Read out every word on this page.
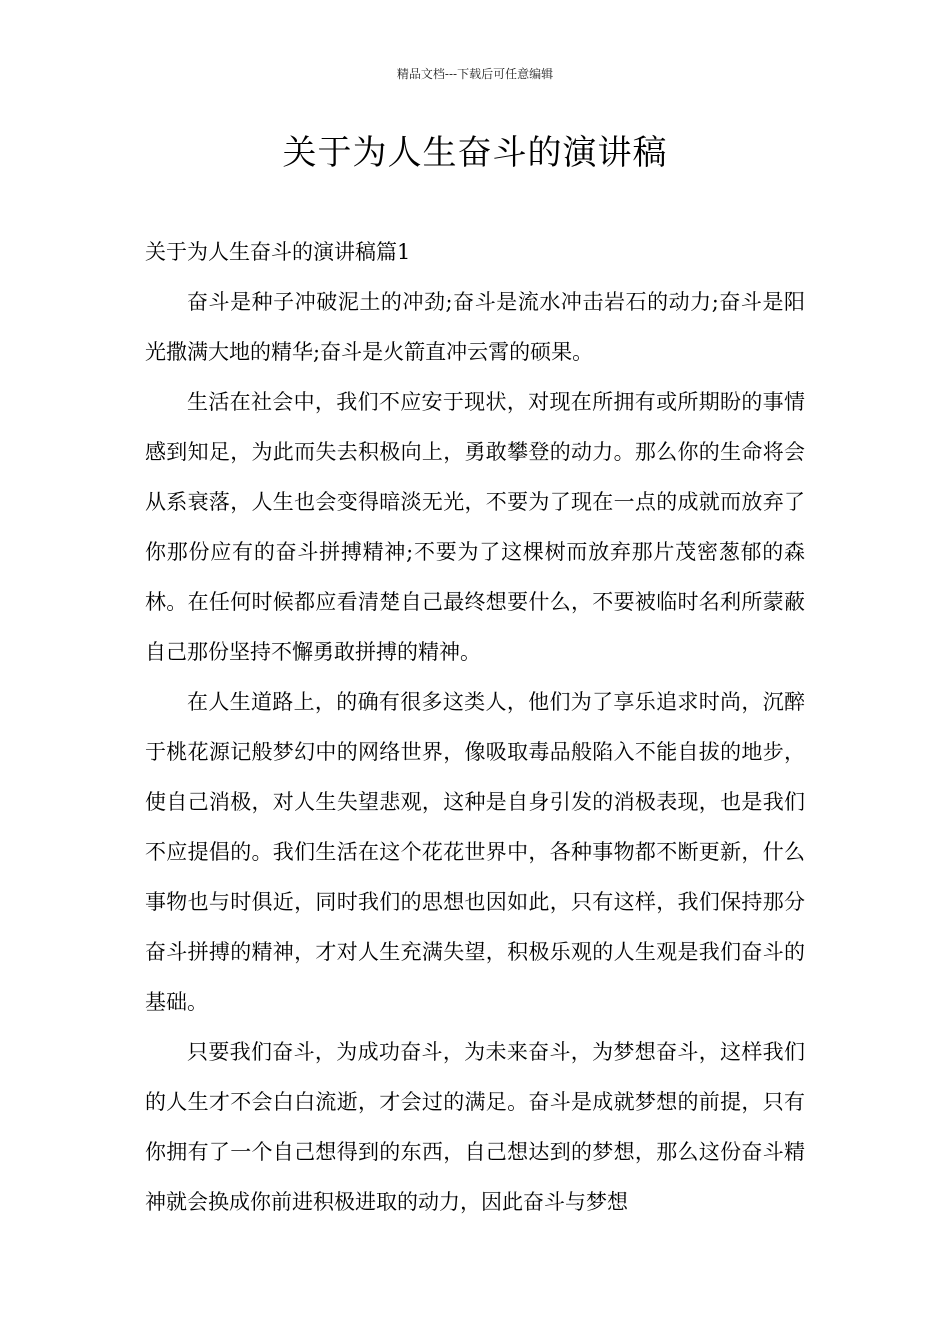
精品文档---下载后可任意编辑
关于为人生奋斗的演讲稿
关于为人生奋斗的演讲稿篇1

奋斗是种子冲破泥土的冲劲;奋斗是流水冲击岩石的动力;奋斗是阳光撒满大地的精华;奋斗是火箭直冲云霄的硕果。

生活在社会中，我们不应安于现状，对现在所拥有或所期盼的事情感到知足，为此而失去积极向上，勇敢攀登的动力。那么你的生命将会从系衰落，人生也会变得暗淡无光，不要为了现在一点的成就而放弃了你那份应有的奋斗拼搏精神;不要为了这棵树而放弃那片茂密葱郁的森林。在任何时候都应看清楚自己最终想要什么，不要被临时名利所蒙蔽自己那份坚持不懈勇敢拼搏的精神。

在人生道路上，的确有很多这类人，他们为了享乐追求时尚，沉醉于桃花源记般梦幻中的网络世界，像吸取毒品般陷入不能自拔的地步，使自己消极，对人生失望悲观，这种是自身引发的消极表现，也是我们不应提倡的。我们生活在这个花花世界中，各种事物都不断更新，什么事物也与时俱近，同时我们的思想也因如此，只有这样，我们保持那分奋斗拼搏的精神，才对人生充满失望，积极乐观的人生观是我们奋斗的基础。

只要我们奋斗，为成功奋斗，为未来奋斗，为梦想奋斗，这样我们的人生才不会白白流逝，才会过的满足。奋斗是成就梦想的前提，只有你拥有了一个自己想得到的东西，自己想达到的梦想，那么这份奋斗精神就会换成你前进积极进取的动力，因此奋斗与梦想
